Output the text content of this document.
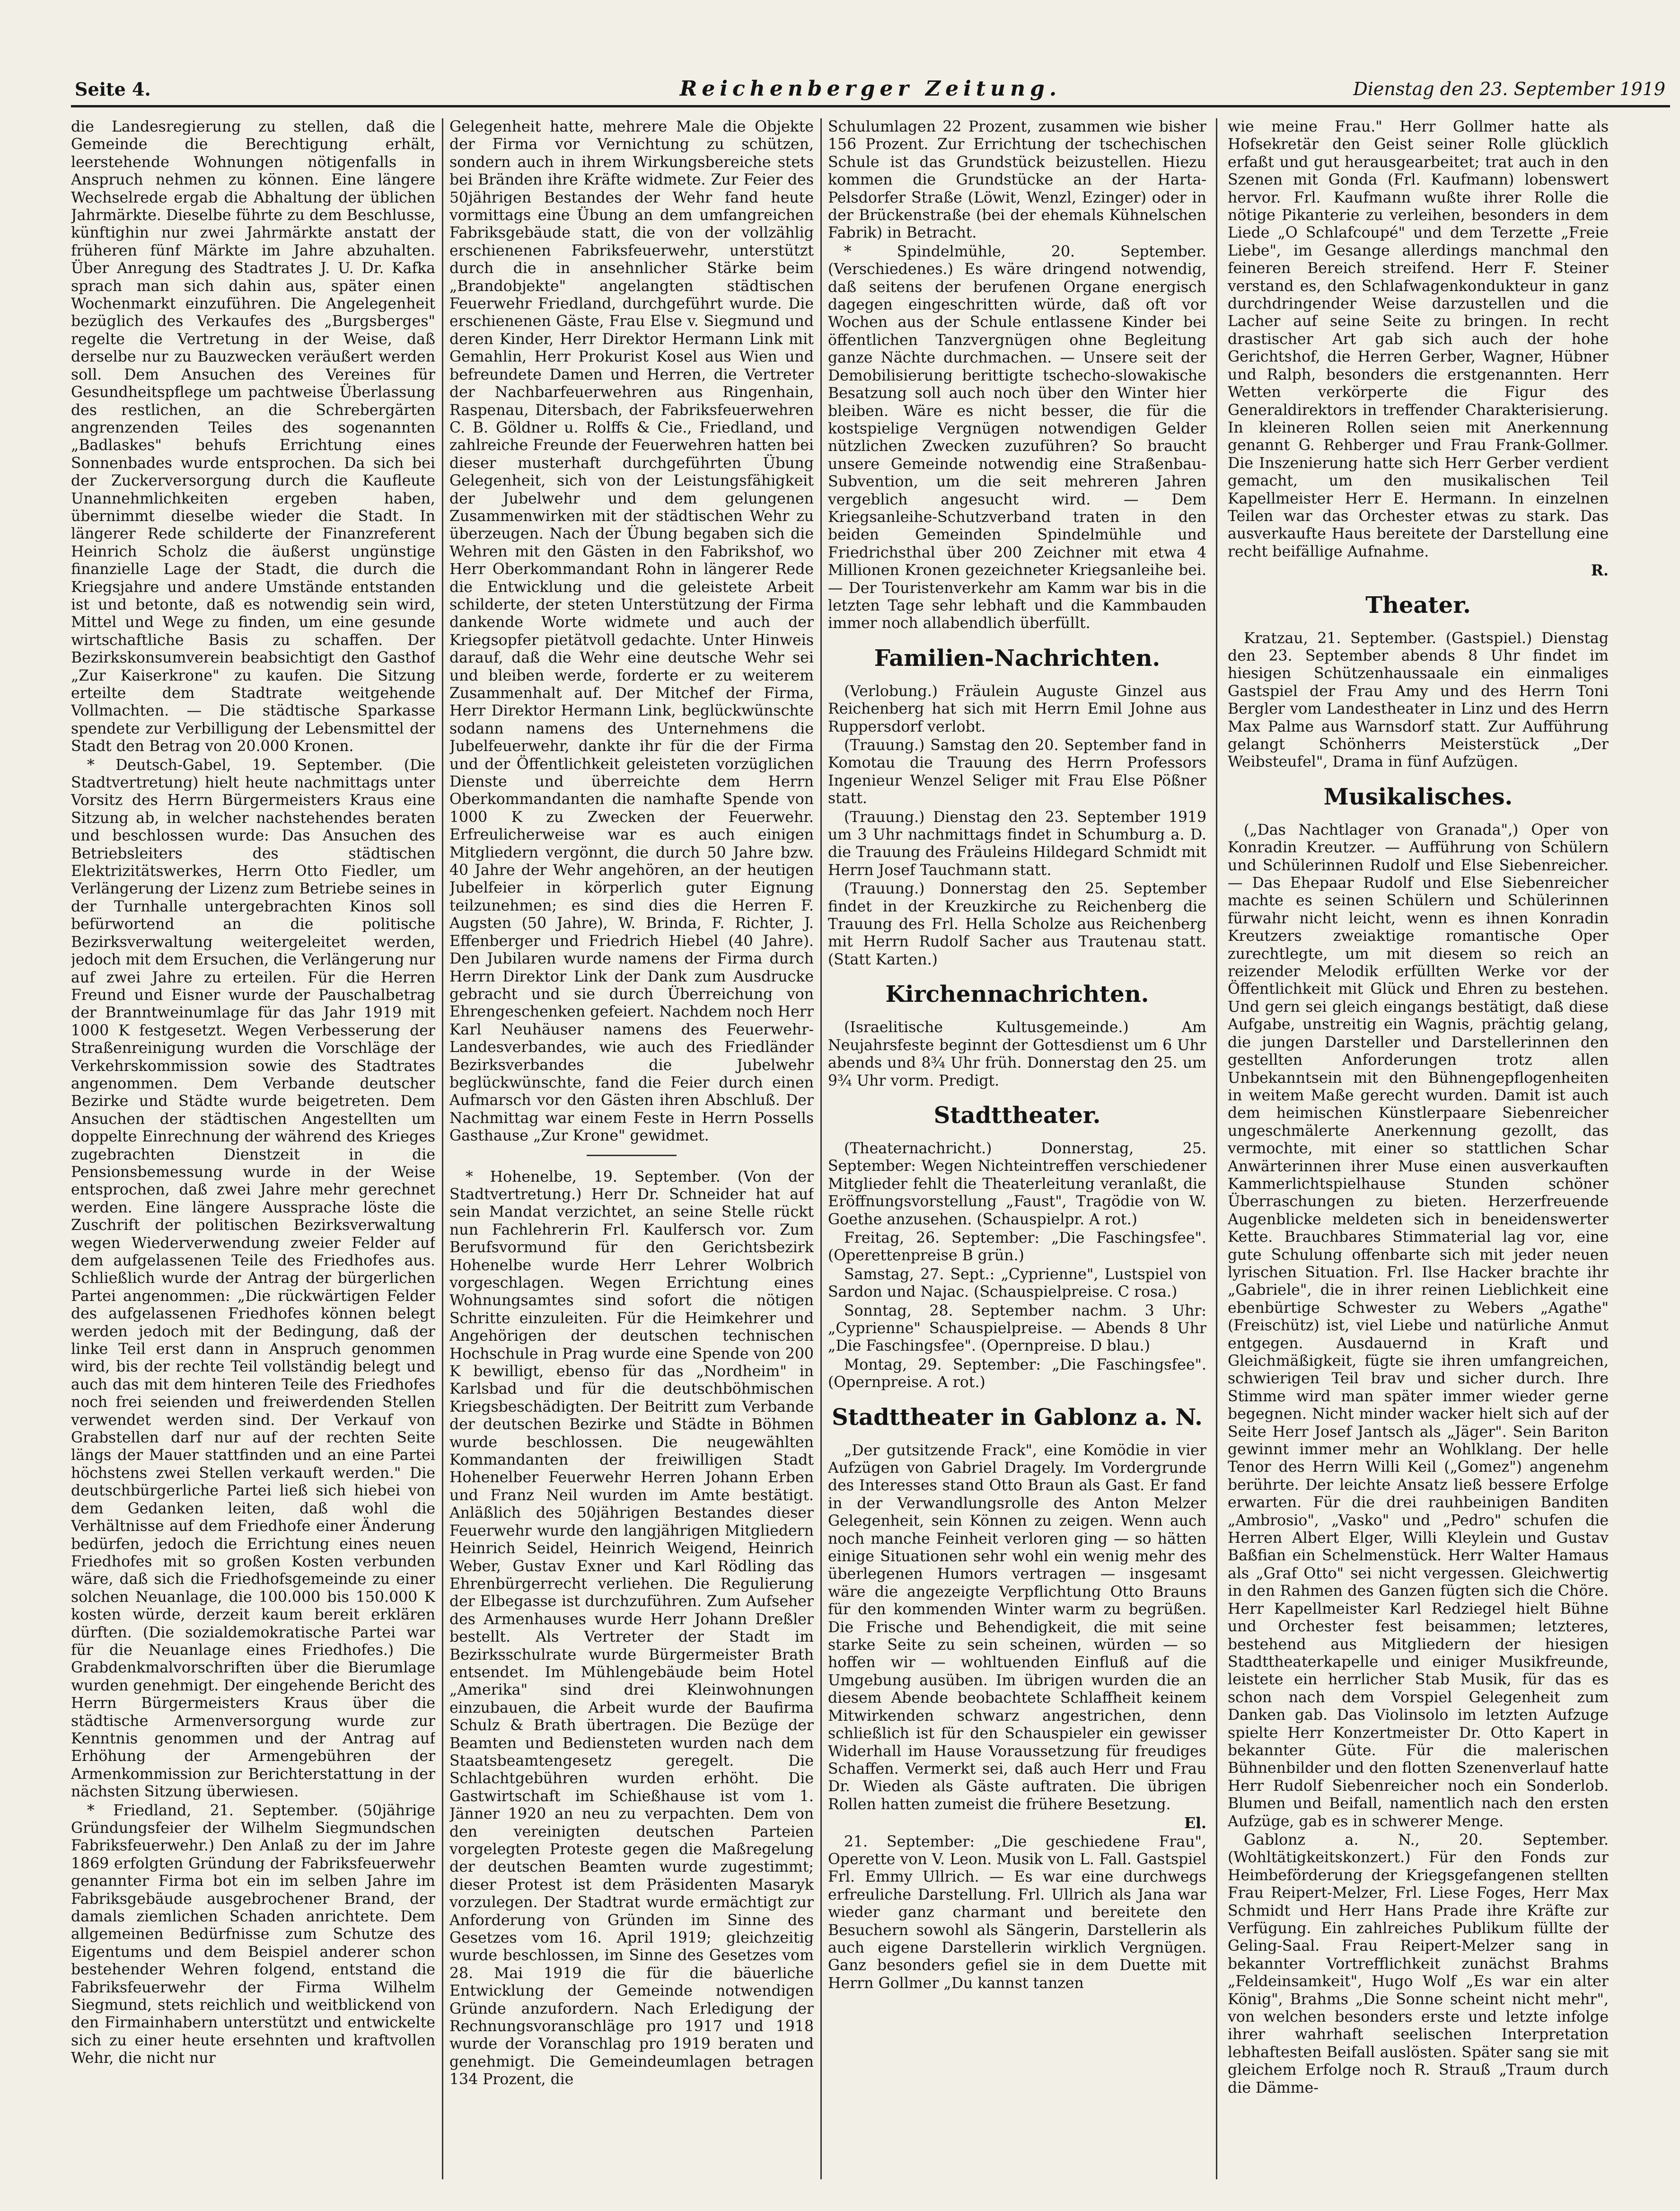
Seite 4.	Reichenberger Zeitung.	Dienstag den 23. September 1919

die Landesregierung zu stellen, daß die Gemeinde die Berechtigung erhält, leerstehende Wohnungen nötigenfalls in Anspruch nehmen zu können. Eine längere Wechselrede ergab die Abhaltung der üblichen Jahrmärkte. Dieselbe führte zu dem Beschlusse, künftighin nur zwei Jahrmärkte anstatt der früheren fünf Märkte im Jahre abzuhalten. Über Anregung des Stadtrates J. U. Dr. Kafka sprach man sich dahin aus, später einen Wochenmarkt einzuführen. Die Angelegenheit bezüglich des Verkaufes des „Burgsberges" regelte die Vertretung in der Weise, daß derselbe nur zu Bauzwecken veräußert werden soll. Dem Ansuchen des Vereines für Gesundheitspflege um pachtweise Überlassung des restlichen, an die Schrebergärten angrenzenden Teiles des sogenannten „Badlaskes" behufs Errichtung eines Sonnenbades wurde entsprochen. Da sich bei der Zuckerversorgung durch die Kaufleute Unannehmlichkeiten ergeben haben, übernimmt dieselbe wieder die Stadt. In längerer Rede schilderte der Finanzreferent Heinrich Scholz die äußerst ungünstige finanzielle Lage der Stadt, die durch die Kriegsjahre und andere Umstände entstanden ist und betonte, daß es notwendig sein wird, Mittel und Wege zu finden, um eine gesunde wirtschaftliche Basis zu schaffen. Der Bezirkskonsumverein beabsichtigt den Gasthof „Zur Kaiserkrone" zu kaufen. Die Sitzung erteilte dem Stadtrate weitgehende Vollmachten. — Die städtische Sparkasse spendete zur Verbilligung der Lebensmittel der Stadt den Betrag von 20.000 Kronen.

* Deutsch-Gabel, 19. September. (Die Stadtvertretung) hielt heute nachmittags unter Vorsitz des Herrn Bürgermeisters Kraus eine Sitzung ab, in welcher nachstehendes beraten und beschlossen wurde: Das Ansuchen des Betriebsleiters des städtischen Elektrizitätswerkes, Herrn Otto Fiedler, um Verlängerung der Lizenz zum Betriebe seines in der Turnhalle untergebrachten Kinos soll befürwortend an die politische Bezirksverwaltung weitergeleitet werden, jedoch mit dem Ersuchen, die Verlängerung nur auf zwei Jahre zu erteilen. Für die Herren Freund und Eisner wurde der Pauschalbetrag der Branntweinumlage für das Jahr 1919 mit 1000 K festgesetzt. Wegen Verbesserung der Straßenreinigung wurden die Vorschläge der Verkehrskommission sowie des Stadtrates angenommen. Dem Verbande deutscher Bezirke und Städte wurde beigetreten. Dem Ansuchen der städtischen Angestellten um doppelte Einrechnung der während des Krieges zugebrachten Dienstzeit in die Pensionsbemessung wurde in der Weise entsprochen, daß zwei Jahre mehr gerechnet werden. Eine längere Aussprache löste die Zuschrift der politischen Bezirksverwaltung wegen Wiederverwendung zweier Felder auf dem aufgelassenen Teile des Friedhofes aus. Schließlich wurde der Antrag der bürgerlichen Partei angenommen: „Die rückwärtigen Felder des aufgelassenen Friedhofes können belegt werden jedoch mit der Bedingung, daß der linke Teil erst dann in Anspruch genommen wird, bis der rechte Teil vollständig belegt und auch das mit dem hinteren Teile des Friedhofes noch frei seienden und freiwerdenden Stellen verwendet werden sind. Der Verkauf von Grabstellen darf nur auf der rechten Seite längs der Mauer stattfinden und an eine Partei höchstens zwei Stellen verkauft werden." Die deutschbürgerliche Partei ließ sich hiebei von dem Gedanken leiten, daß wohl die Verhältnisse auf dem Friedhofe einer Änderung bedürfen, jedoch die Errichtung eines neuen Friedhofes mit so großen Kosten verbunden wäre, daß sich die Friedhofsgemeinde zu einer solchen Neuanlage, die 100.000 bis 150.000 K kosten würde, derzeit kaum bereit erklären dürften. (Die sozialdemokratische Partei war für die Neuanlage eines Friedhofes.) Die Grabdenkmalvorschriften über die Bierumlage wurden genehmigt. Der eingehende Bericht des Herrn Bürgermeisters Kraus über die städtische Armenversorgung wurde zur Kenntnis genommen und der Antrag auf Erhöhung der Armengebühren der Armenkommission zur Berichterstattung in der nächsten Sitzung überwiesen.

* Friedland, 21. September. (50jährige Gründungsfeier der Wilhelm Siegmundschen Fabriksfeuerwehr.) Den Anlaß zu der im Jahre 1869 erfolgten Gründung der Fabriksfeuerwehr genannter Firma bot ein im selben Jahre im Fabriksgebäude ausgebrochener Brand, der damals ziemlichen Schaden anrichtete. Dem allgemeinen Bedürfnisse zum Schutze des Eigentums und dem Beispiel anderer schon bestehender Wehren folgend, entstand die Fabriksfeuerwehr der Firma Wilhelm Siegmund, stets reichlich und weitblickend von den Firmainhabern unterstützt und entwickelte sich zu einer heute ersehnten und kraftvollen Wehr, die nicht nur

Gelegenheit hatte, mehrere Male die Objekte der Firma vor Vernichtung zu schützen, sondern auch in ihrem Wirkungsbereiche stets bei Bränden ihre Kräfte widmete. Zur Feier des 50jährigen Bestandes der Wehr fand heute vormittags eine Übung an dem umfangreichen Fabriksgebäude statt, die von der vollzählig erschienenen Fabriksfeuerwehr, unterstützt durch die in ansehnlicher Stärke beim „Brandobjekte" angelangten städtischen Feuerwehr Friedland, durchgeführt wurde. Die erschienenen Gäste, Frau Else v. Siegmund und deren Kinder, Herr Direktor Hermann Link mit Gemahlin, Herr Prokurist Kosel aus Wien und befreundete Damen und Herren, die Vertreter der Nachbarfeuerwehren aus Ringenhain, Raspenau, Ditersbach, der Fabriksfeuerwehren C. B. Göldner u. Rolffs & Cie., Friedland, und zahlreiche Freunde der Feuerwehren hatten bei dieser musterhaft durchgeführten Übung Gelegenheit, sich von der Leistungsfähigkeit der Jubelwehr und dem gelungenen Zusammenwirken mit der städtischen Wehr zu überzeugen. Nach der Übung begaben sich die Wehren mit den Gästen in den Fabrikshof, wo Herr Oberkommandant Rohn in längerer Rede die Entwicklung und die geleistete Arbeit schilderte, der steten Unterstützung der Firma dankende Worte widmete und auch der Kriegsopfer pietätvoll gedachte. Unter Hinweis darauf, daß die Wehr eine deutsche Wehr sei und bleiben werde, forderte er zu weiterem Zusammenhalt auf. Der Mitchef der Firma, Herr Direktor Hermann Link, beglückwünschte sodann namens des Unternehmens die Jubelfeuerwehr, dankte ihr für die der Firma und der Öffentlichkeit geleisteten vorzüglichen Dienste und überreichte dem Herrn Oberkommandanten die namhafte Spende von 1000 K zu Zwecken der Feuerwehr. Erfreulicherweise war es auch einigen Mitgliedern vergönnt, die durch 50 Jahre bzw. 40 Jahre der Wehr angehören, an der heutigen Jubelfeier in körperlich guter Eignung teilzunehmen; es sind dies die Herren F. Augsten (50 Jahre), W. Brinda, F. Richter, J. Effenberger und Friedrich Hiebel (40 Jahre). Den Jubilaren wurde namens der Firma durch Herrn Direktor Link der Dank zum Ausdrucke gebracht und sie durch Überreichung von Ehrengeschenken gefeiert. Nachdem noch Herr Karl Neuhäuser namens des Feuerwehr-Landesverbandes, wie auch des Friedländer Bezirksverbandes die Jubelwehr beglückwünschte, fand die Feier durch einen Aufmarsch vor den Gästen ihren Abschluß. Der Nachmittag war einem Feste in Herrn Possells Gasthause „Zur Krone" gewidmet.

* Hohenelbe, 19. September. (Von der Stadtvertretung.) Herr Dr. Schneider hat auf sein Mandat verzichtet, an seine Stelle rückt nun Fachlehrerin Frl. Kaulfersch vor. Zum Berufsvormund für den Gerichtsbezirk Hohenelbe wurde Herr Lehrer Wolbrich vorgeschlagen. Wegen Errichtung eines Wohnungsamtes sind sofort die nötigen Schritte einzuleiten. Für die Heimkehrer und Angehörigen der deutschen technischen Hochschule in Prag wurde eine Spende von 200 K bewilligt, ebenso für das „Nordheim" in Karlsbad und für die deutschböhmischen Kriegsbeschädigten. Der Beitritt zum Verbande der deutschen Bezirke und Städte in Böhmen wurde beschlossen. Die neugewählten Kommandanten der freiwilligen Stadt Hohenelber Feuerwehr Herren Johann Erben und Franz Neil wurden im Amte bestätigt. Anläßlich des 50jährigen Bestandes dieser Feuerwehr wurde den langjährigen Mitgliedern Heinrich Seidel, Heinrich Weigend, Heinrich Weber, Gustav Exner und Karl Rödling das Ehrenbürgerrecht verliehen. Die Regulierung der Elbegasse ist durchzuführen. Zum Aufseher des Armenhauses wurde Herr Johann Dreßler bestellt. Als Vertreter der Stadt im Bezirksschulrate wurde Bürgermeister Brath entsendet. Im Mühlengebäude beim Hotel „Amerika" sind drei Kleinwohnungen einzubauen, die Arbeit wurde der Baufirma Schulz & Brath übertragen. Die Bezüge der Beamten und Bediensteten wurden nach dem Staatsbeamtengesetz geregelt. Die Schlachtgebühren wurden erhöht. Die Gastwirtschaft im Schießhause ist vom 1. Jänner 1920 an neu zu verpachten. Dem von den vereinigten deutschen Parteien vorgelegten Proteste gegen die Maßregelung der deutschen Beamten wurde zugestimmt; dieser Protest ist dem Präsidenten Masaryk vorzulegen. Der Stadtrat wurde ermächtigt zur Anforderung von Gründen im Sinne des Gesetzes vom 16. April 1919; gleichzeitig wurde beschlossen, im Sinne des Gesetzes vom 28. Mai 1919 die für die bäuerliche Entwicklung der Gemeinde notwendigen Gründe anzufordern. Nach Erledigung der Rechnungsvoranschläge pro 1917 und 1918 wurde der Voranschlag pro 1919 beraten und genehmigt. Die Gemeindeumlagen betragen 134 Prozent, die

Schulumlagen 22 Prozent, zusammen wie bisher 156 Prozent. Zur Errichtung der tschechischen Schule ist das Grundstück beizustellen. Hiezu kommen die Grundstücke an der Harta-Pelsdorfer Straße (Löwit, Wenzl, Ezinger) oder in der Brückenstraße (bei der ehemals Kühnelschen Fabrik) in Betracht.

* Spindelmühle, 20. September. (Verschiedenes.) Es wäre dringend notwendig, daß seitens der berufenen Organe energisch dagegen eingeschritten würde, daß oft vor Wochen aus der Schule entlassene Kinder bei öffentlichen Tanzvergnügen ohne Begleitung ganze Nächte durchmachen. — Unsere seit der Demobilisierung berittigte tschecho-slowakische Besatzung soll auch noch über den Winter hier bleiben. Wäre es nicht besser, die für die kostspielige Vergnügen notwendigen Gelder nützlichen Zwecken zuzuführen? So braucht unsere Gemeinde notwendig eine Straßenbau-Subvention, um die seit mehreren Jahren vergeblich angesucht wird. — Dem Kriegsanleihe-Schutzverband traten in den beiden Gemeinden Spindelmühle und Friedrichsthal über 200 Zeichner mit etwa 4 Millionen Kronen gezeichneter Kriegsanleihe bei. — Der Touristenverkehr am Kamm war bis in die letzten Tage sehr lebhaft und die Kammbauden immer noch allabendlich überfüllt.

Familien-Nachrichten.

(Verlobung.) Fräulein Auguste Ginzel aus Reichenberg hat sich mit Herrn Emil Johne aus Ruppersdorf verlobt.

(Trauung.) Samstag den 20. September fand in Komotau die Trauung des Herrn Professors Ingenieur Wenzel Seliger mit Frau Else Pößner statt.

(Trauung.) Dienstag den 23. September 1919 um 3 Uhr nachmittags findet in Schumburg a. D. die Trauung des Fräuleins Hildegard Schmidt mit Herrn Josef Tauchmann statt.

(Trauung.) Donnerstag den 25. September findet in der Kreuzkirche zu Reichenberg die Trauung des Frl. Hella Scholze aus Reichenberg mit Herrn Rudolf Sacher aus Trautenau statt. (Statt Karten.)

Kirchennachrichten.

(Israelitische Kultusgemeinde.) Am Neujahrsfeste beginnt der Gottesdienst um 6 Uhr abends und 8¾ Uhr früh. Donnerstag den 25. um 9¾ Uhr vorm. Predigt.

Stadttheater.

(Theaternachricht.) Donnerstag, 25. September: Wegen Nichteintreffen verschiedener Mitglieder fehlt die Theaterleitung veranlaßt, die Eröffnungsvorstellung „Faust", Tragödie von W. Goethe anzusehen. (Schauspielpr. A rot.)

Freitag, 26. September: „Die Faschingsfee". (Operettenpreise B grün.)

Samstag, 27. Sept.: „Cyprienne", Lustspiel von Sardon und Najac. (Schauspielpreise. C rosa.)

Sonntag, 28. September nachm. 3 Uhr: „Cyprienne" Schauspielpreise. — Abends 8 Uhr „Die Faschingsfee". (Opernpreise. D blau.)

Montag, 29. September: „Die Faschingsfee". (Opernpreise. A rot.)

Stadttheater in Gablonz a. N.

„Der gutsitzende Frack", eine Komödie in vier Aufzügen von Gabriel Dragely. Im Vordergrunde des Interesses stand Otto Braun als Gast. Er fand in der Verwandlungsrolle des Anton Melzer Gelegenheit, sein Können zu zeigen. Wenn auch noch manche Feinheit verloren ging — so hätten einige Situationen sehr wohl ein wenig mehr des überlegenen Humors vertragen — insgesamt wäre die angezeigte Verpflichtung Otto Brauns für den kommenden Winter warm zu begrüßen. Die Frische und Behendigkeit, die mit seine starke Seite zu sein scheinen, würden — so hoffen wir — wohltuenden Einfluß auf die Umgebung ausüben. Im übrigen wurden die an diesem Abende beobachtete Schlaffheit keinem Mitwirkenden schwarz angestrichen, denn schließlich ist für den Schauspieler ein gewisser Widerhall im Hause Voraussetzung für freudiges Schaffen. Vermerkt sei, daß auch Herr und Frau Dr. Wieden als Gäste auftraten. Die übrigen Rollen hatten zumeist die frühere Besetzung.

El.

21. September: „Die geschiedene Frau", Operette von V. Leon. Musik von L. Fall. Gastspiel Frl. Emmy Ullrich. — Es war eine durchwegs erfreuliche Darstellung. Frl. Ullrich als Jana war wieder ganz charmant und bereitete den Besuchern sowohl als Sängerin, Darstellerin als auch eigene Darstellerin wirklich Vergnügen. Ganz besonders gefiel sie in dem Duette mit Herrn Gollmer „Du kannst tanzen

wie meine Frau." Herr Gollmer hatte als Hofsekretär den Geist seiner Rolle glücklich erfaßt und gut herausgearbeitet; trat auch in den Szenen mit Gonda (Frl. Kaufmann) lobenswert hervor. Frl. Kaufmann wußte ihrer Rolle die nötige Pikanterie zu verleihen, besonders in dem Liede „O Schlafcoupé" und dem Terzette „Freie Liebe", im Gesange allerdings manchmal den feineren Bereich streifend. Herr F. Steiner verstand es, den Schlafwagenkondukteur in ganz durchdringender Weise darzustellen und die Lacher auf seine Seite zu bringen. In recht drastischer Art gab sich auch der hohe Gerichtshof, die Herren Gerber, Wagner, Hübner und Ralph, besonders die erstgenannten. Herr Wetten verkörperte die Figur des Generaldirektors in treffender Charakterisierung. In kleineren Rollen seien mit Anerkennung genannt G. Rehberger und Frau Frank-Gollmer. Die Inszenierung hatte sich Herr Gerber verdient gemacht, um den musikalischen Teil Kapellmeister Herr E. Hermann. In einzelnen Teilen war das Orchester etwas zu stark. Das ausverkaufte Haus bereitete der Darstellung eine recht beifällige Aufnahme.

R.

Theater.

Kratzau, 21. September. (Gastspiel.) Dienstag den 23. September abends 8 Uhr findet im hiesigen Schützenhaussaale ein einmaliges Gastspiel der Frau Amy und des Herrn Toni Bergler vom Landestheater in Linz und des Herrn Max Palme aus Warnsdorf statt. Zur Aufführung gelangt Schönherrs Meisterstück „Der Weibsteufel", Drama in fünf Aufzügen.

Musikalisches.

(„Das Nachtlager von Granada",) Oper von Konradin Kreutzer. — Aufführung von Schülern und Schülerinnen Rudolf und Else Siebenreicher. — Das Ehepaar Rudolf und Else Siebenreicher machte es seinen Schülern und Schülerinnen fürwahr nicht leicht, wenn es ihnen Konradin Kreutzers zweiaktige romantische Oper zurechtlegte, um mit diesem so reich an reizender Melodik erfüllten Werke vor der Öffentlichkeit mit Glück und Ehren zu bestehen. Und gern sei gleich eingangs bestätigt, daß diese Aufgabe, unstreitig ein Wagnis, prächtig gelang, die jungen Darsteller und Darstellerinnen den gestellten Anforderungen trotz allen Unbekanntsein mit den Bühnengepflogenheiten in weitem Maße gerecht wurden. Damit ist auch dem heimischen Künstlerpaare Siebenreicher ungeschmälerte Anerkennung gezollt, das vermochte, mit einer so stattlichen Schar Anwärterinnen ihrer Muse einen ausverkauften Kammerlichtspielhause Stunden schöner Überraschungen zu bieten. Herzerfreuende Augenblicke meldeten sich in beneidenswerter Kette. Brauchbares Stimmaterial lag vor, eine gute Schulung offenbarte sich mit jeder neuen lyrischen Situation. Frl. Ilse Hacker brachte ihr „Gabriele", die in ihrer reinen Lieblichkeit eine ebenbürtige Schwester zu Webers „Agathe" (Freischütz) ist, viel Liebe und natürliche Anmut entgegen. Ausdauernd in Kraft und Gleichmäßigkeit, fügte sie ihren umfangreichen, schwierigen Teil brav und sicher durch. Ihre Stimme wird man später immer wieder gerne begegnen. Nicht minder wacker hielt sich auf der Seite Herr Josef Jantsch als „Jäger". Sein Bariton gewinnt immer mehr an Wohlklang. Der helle Tenor des Herrn Willi Keil („Gomez") angenehm berührte. Der leichte Ansatz ließ bessere Erfolge erwarten. Für die drei rauhbeinigen Banditen „Ambrosio", „Vasko" und „Pedro" schufen die Herren Albert Elger, Willi Kleylein und Gustav Baßfian ein Schelmenstück. Herr Walter Hamaus als „Graf Otto" sei nicht vergessen. Gleichwertig in den Rahmen des Ganzen fügten sich die Chöre. Herr Kapellmeister Karl Redziegel hielt Bühne und Orchester fest beisammen; letzteres, bestehend aus Mitgliedern der hiesigen Stadttheaterkapelle und einiger Musikfreunde, leistete ein herrlicher Stab Musik, für das es schon nach dem Vorspiel Gelegenheit zum Danken gab. Das Violinsolo im letzten Aufzuge spielte Herr Konzertmeister Dr. Otto Kapert in bekannter Güte. Für die malerischen Bühnenbilder und den flotten Szenenverlauf hatte Herr Rudolf Siebenreicher noch ein Sonderlob. Blumen und Beifall, namentlich nach den ersten Aufzüge, gab es in schwerer Menge.

Gablonz a. N., 20. September. (Wohltätigkeitskonzert.) Für den Fonds zur Heimbeförderung der Kriegsgefangenen stellten Frau Reipert-Melzer, Frl. Liese Foges, Herr Max Schmidt und Herr Hans Prade ihre Kräfte zur Verfügung. Ein zahlreiches Publikum füllte der Geling-Saal. Frau Reipert-Melzer sang in bekannter Vortrefflichkeit zunächst Brahms „Feldeinsamkeit", Hugo Wolf „Es war ein alter König", Brahms „Die Sonne scheint nicht mehr", von welchen besonders erste und letzte infolge ihrer wahrhaft seelischen Interpretation lebhaftesten Beifall auslösten. Später sang sie mit gleichem Erfolge noch R. Strauß „Traum durch die Dämme-
